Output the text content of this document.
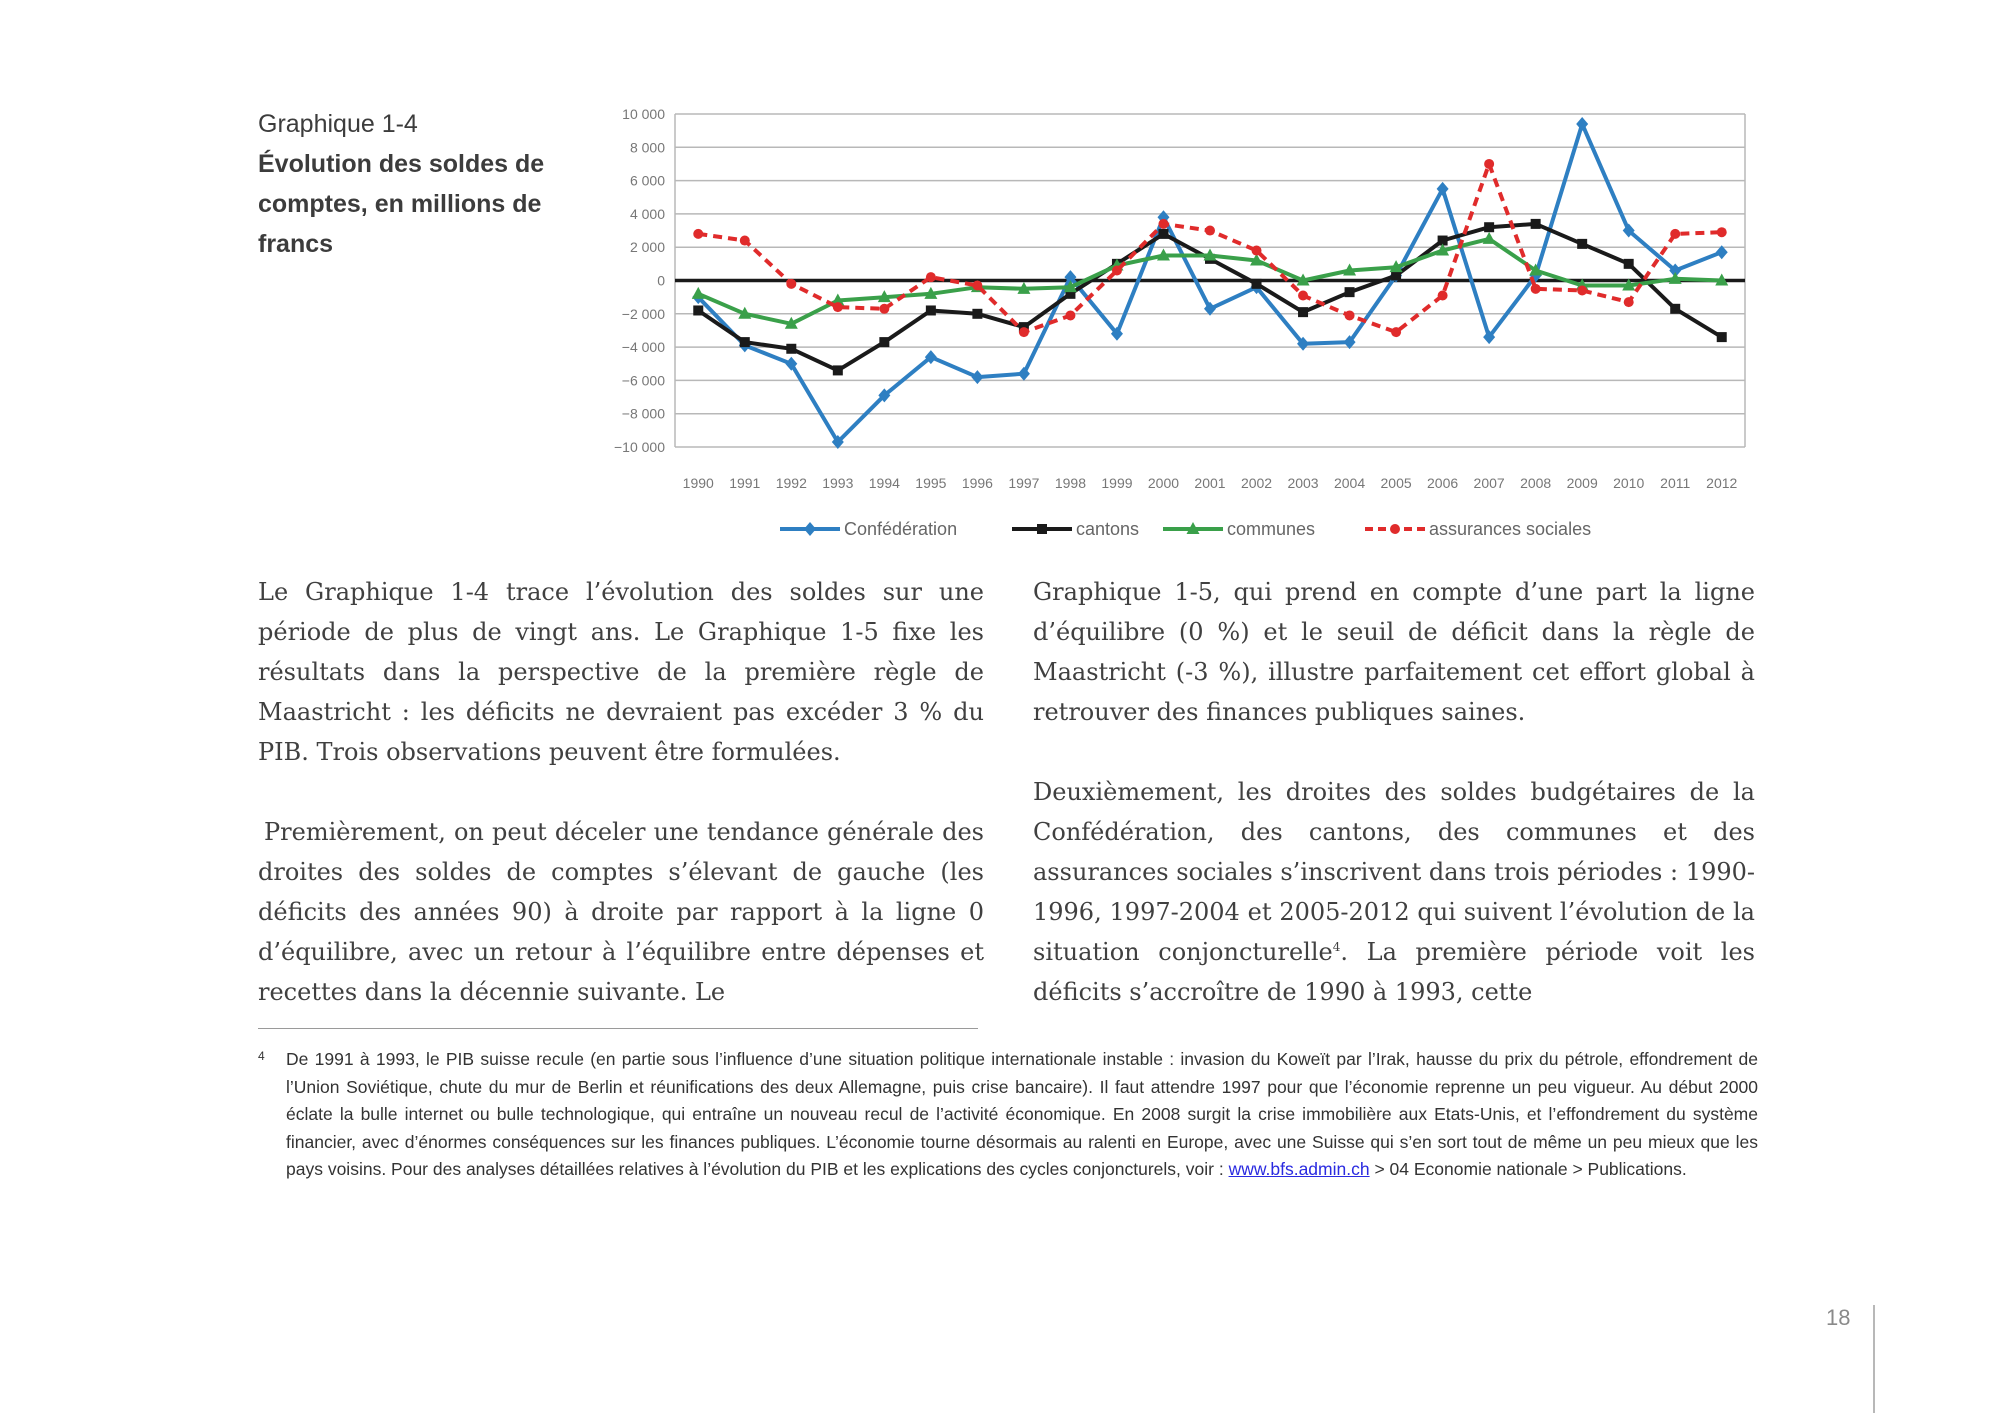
Graphique 1-4
Évolution des soldes de comptes, en millions de francs
10 000
8 000
6 000
4 000
2 000
0
−2 000
−4 000
−6 000
−8 000
−10 000
1990 1991 1992 1993 1994 1995 1996 1997 1998 1999 2000 2001 2002 2003 2004 2005 2006 2007 2008 2009 2010 2011 2012
Confédération	cantons	communes	assurances sociales

Le Graphique 1-4 trace l’évolution des soldes sur une période de plus de vingt ans. Le Graphique 1-5 fixe les résultats dans la perspective de la première règle de Maastricht : les déficits ne devraient pas excéder 3 % du PIB. Trois observations peuvent être formulées.

Premièrement, on peut déceler une tendance générale des droites des soldes de comptes s’élevant de gauche (les déficits des années 90) à droite par rapport à la ligne 0 d’équilibre, avec un retour à l’équilibre entre dépenses et recettes dans la décennie suivante. Le

Graphique 1-5, qui prend en compte d’une part la ligne d’équilibre (0 %) et le seuil de déficit dans la règle de Maastricht (-3 %), illustre parfaitement cet effort global à retrouver des finances publiques saines.

Deuxièmement, les droites des soldes budgétaires de la Confédération, des cantons, des communes et des assurances sociales s’inscrivent dans trois périodes : 1990-1996, 1997-2004 et 2005-2012 qui suivent l’évolution de la situation conjoncturelle$^4$. La première période voit les déficits s’accroître de 1990 à 1993, cette

4 De 1991 à 1993, le PIB suisse recule (en partie sous l’influence d’une situation politique internationale instable : invasion du Koweït par l’Irak, hausse du prix du pétrole, effondrement de l’Union Soviétique, chute du mur de Berlin et réunifications des deux Allemagne, puis crise bancaire). Il faut attendre 1997 pour que l’économie reprenne un peu vigueur. Au début 2000 éclate la bulle internet ou bulle technologique, qui entraîne un nouveau recul de l’activité économique. En 2008 surgit la crise immobilière aux Etats-Unis, et l’effondrement du système financier, avec d’énormes conséquences sur les finances publiques. L’économie tourne désormais au ralenti en Europe, avec une Suisse qui s’en sort tout de même un peu mieux que les pays voisins. Pour des analyses détaillées relatives à l’évolution du PIB et les explications des cycles conjoncturels, voir : www.bfs.admin.ch > 04 Economie nationale > Publications.
18
